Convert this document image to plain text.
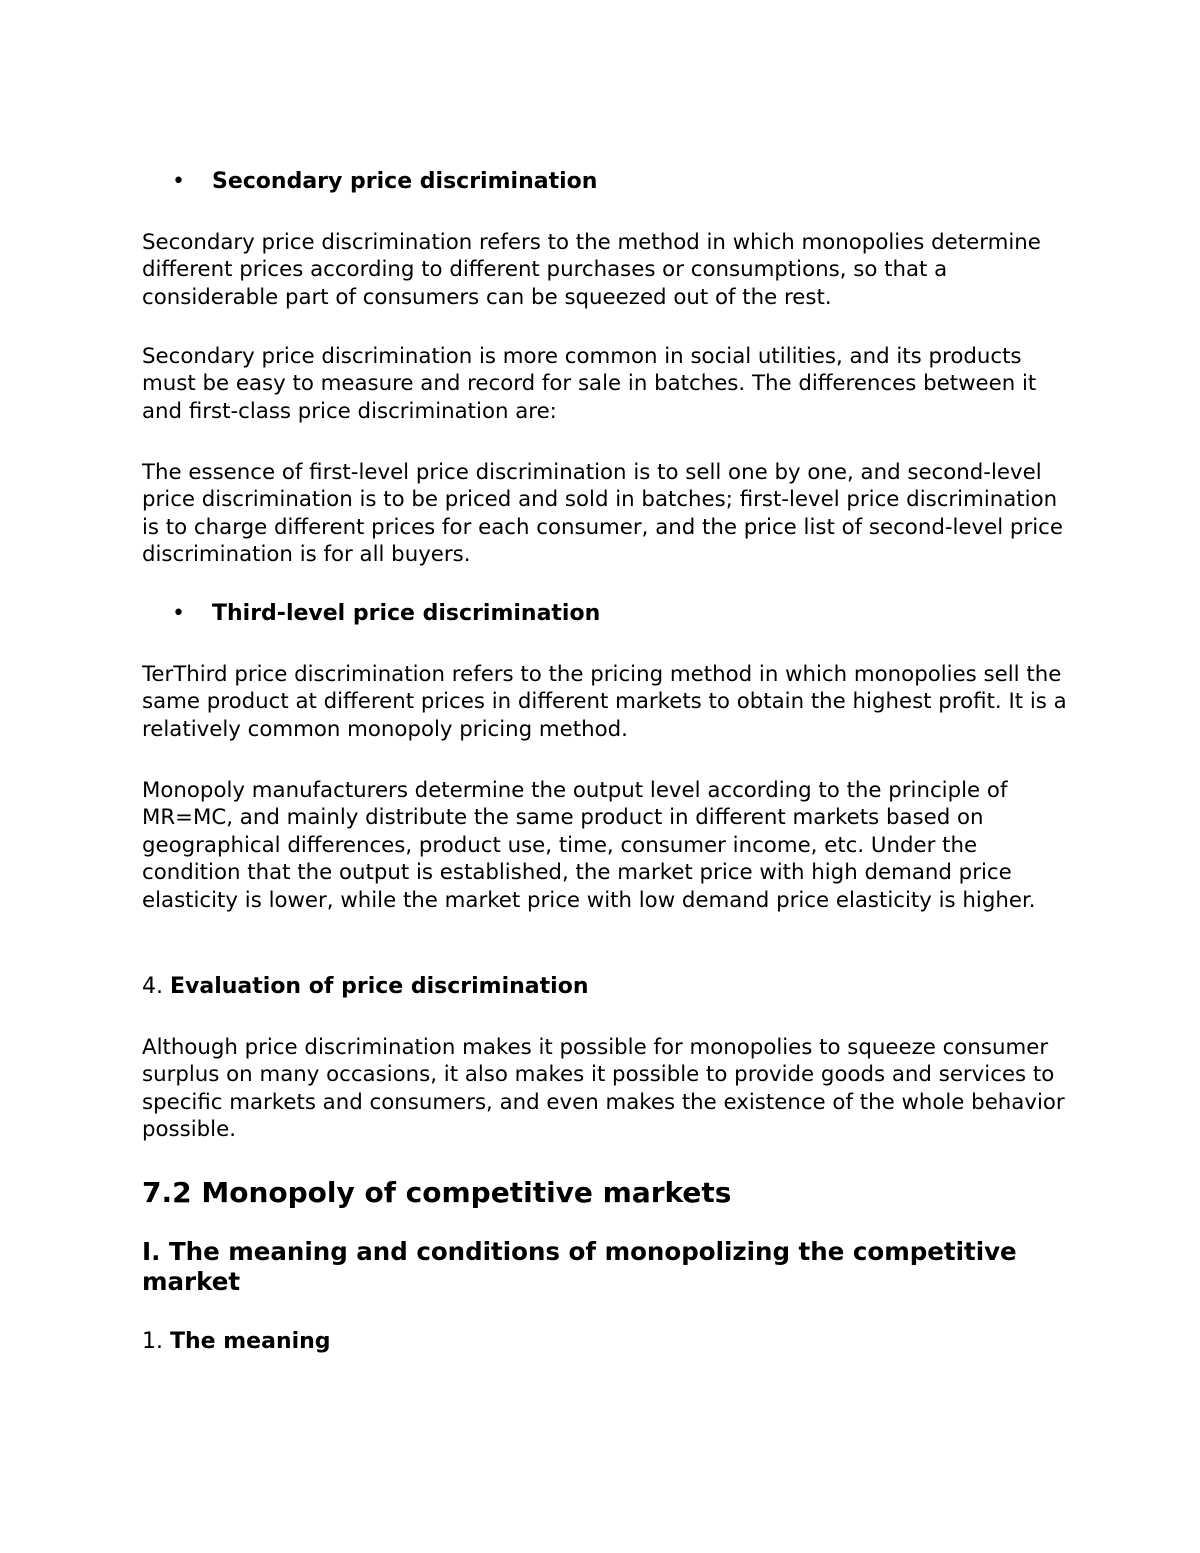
• Secondary price discrimination

Secondary price discrimination refers to the method in which monopolies determine different prices according to different purchases or consumptions, so that a considerable part of consumers can be squeezed out of the rest.

Secondary price discrimination is more common in social utilities, and its products must be easy to measure and record for sale in batches. The differences between it and first-class price discrimination are:

The essence of first-level price discrimination is to sell one by one, and second-level price discrimination is to be priced and sold in batches; first-level price discrimination is to charge different prices for each consumer, and the price list of second-level price discrimination is for all buyers.

• Third-level price discrimination

TerThird price discrimination refers to the pricing method in which monopolies sell the same product at different prices in different markets to obtain the highest profit. It is a relatively common monopoly pricing method.

Monopoly manufacturers determine the output level according to the principle of MR=MC, and mainly distribute the same product in different markets based on geographical differences, product use, time, consumer income, etc. Under the condition that the output is established, the market price with high demand price elasticity is lower, while the market price with low demand price elasticity is higher.

4. Evaluation of price discrimination

Although price discrimination makes it possible for monopolies to squeeze consumer surplus on many occasions, it also makes it possible to provide goods and services to specific markets and consumers, and even makes the existence of the whole behavior possible.

7.2 Monopoly of competitive markets
I. The meaning and conditions of monopolizing the competitive market
1. The meaning
